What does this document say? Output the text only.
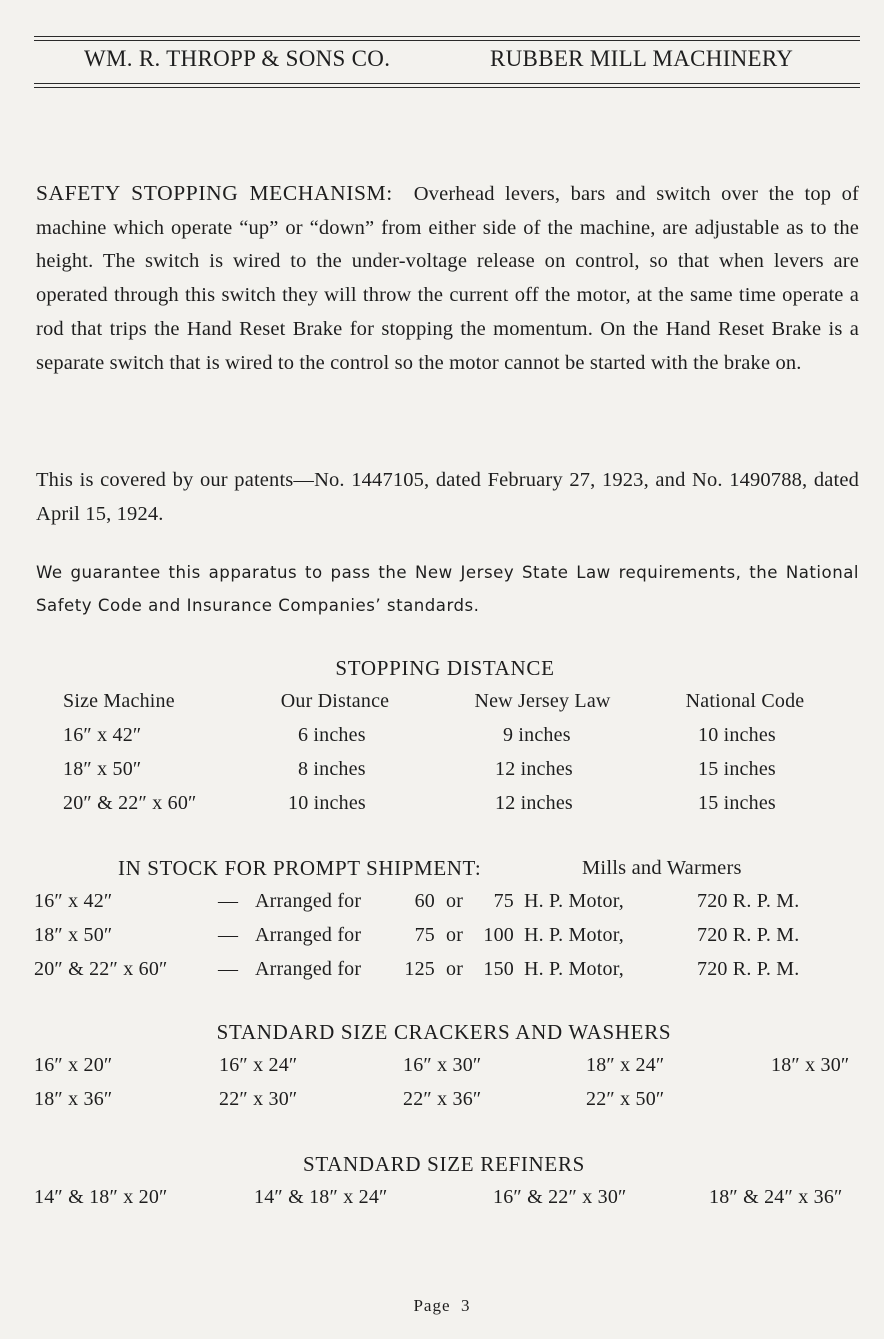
WM. R. THROPP & SONS CO.	RUBBER MILL MACHINERY
SAFETY STOPPING MECHANISM: Overhead levers, bars and switch over the top of machine which operate “up” or “down” from either side of the machine, are adjustable as to the height. The switch is wired to the under-voltage release on control, so that when levers are operated through this switch they will throw the current off the motor, at the same time operate a rod that trips the Hand Reset Brake for stopping the momentum. On the Hand Reset Brake is a separate switch that is wired to the control so the motor cannot be started with the brake on.
This is covered by our patents—No. 1447105, dated February 27, 1923, and No. 1490788, dated April 15, 1924.
We guarantee this apparatus to pass the New Jersey State Law requirements, the National Safety Code and Insurance Companies’ standards.
STOPPING DISTANCE
Size Machine	Our Distance	New Jersey Law	National Code
16″ x 42″	6 inches	9 inches	10 inches
18″ x 50″	8 inches	12 inches	15 inches
20″ & 22″ x 60″	10 inches	12 inches	15 inches
IN STOCK FOR PROMPT SHIPMENT:	Mills and Warmers
16″ x 42″	— Arranged for	60 or	75 H. P. Motor,	720 R. P. M.
18″ x 50″	— Arranged for	75 or	100 H. P. Motor,	720 R. P. M.
20″ & 22″ x 60″	— Arranged for	125 or	150 H. P. Motor,	720 R. P. M.
STANDARD SIZE CRACKERS AND WASHERS
16″ x 20″	16″ x 24″	16″ x 30″	18″ x 24″	18″ x 30″
18″ x 36″	22″ x 30″	22″ x 36″	22″ x 50″
STANDARD SIZE REFINERS
14″ & 18″ x 20″	14″ & 18″ x 24″	16″ & 22″ x 30″	18″ & 24″ x 36″
Page  3
